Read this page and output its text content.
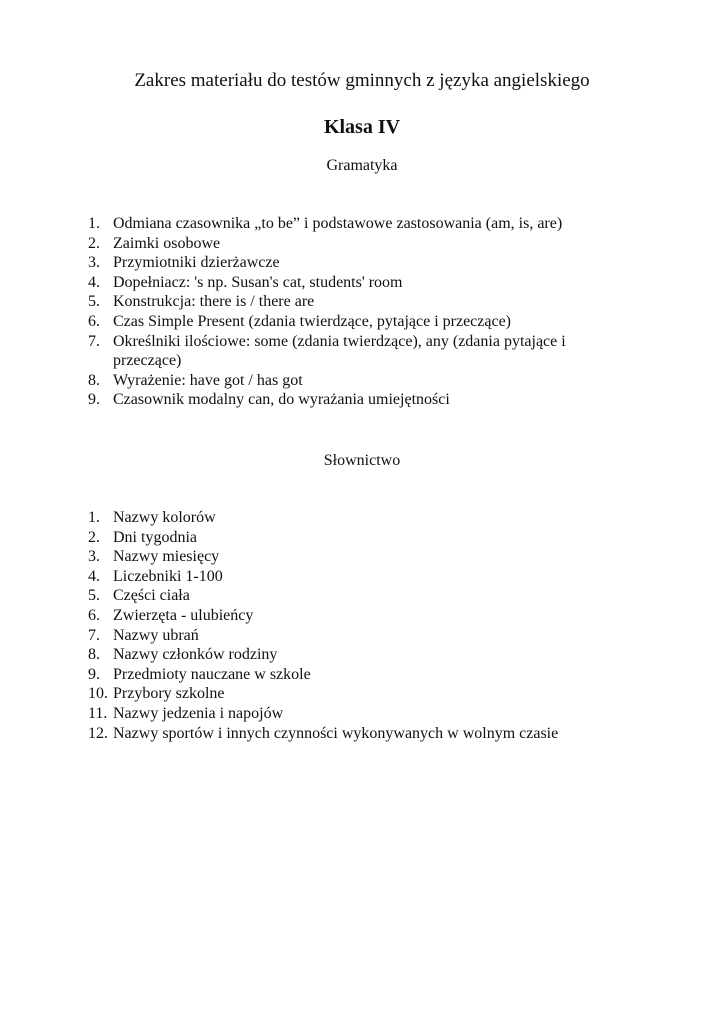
Zakres materiału do testów gminnych z języka angielskiego
Klasa IV
Gramatyka
1. Odmiana czasownika „to be” i podstawowe zastosowania (am, is, are)
2. Zaimki osobowe
3. Przymiotniki dzierżawcze
4. Dopełniacz: 's np. Susan's cat, students' room
5. Konstrukcja: there is / there are
6. Czas Simple Present (zdania twierdzące, pytające i przeczące)
7. Określniki ilościowe: some (zdania twierdzące), any (zdania pytające i przeczące)
8. Wyrażenie: have got / has got
9. Czasownik modalny can, do wyrażania umiejętności
Słownictwo
1. Nazwy kolorów
2. Dni tygodnia
3. Nazwy miesięcy
4. Liczebniki 1-100
5. Części ciała
6. Zwierzęta - ulubieńcy
7. Nazwy ubrań
8. Nazwy członków rodziny
9. Przedmioty nauczane w szkole
10. Przybory szkolne
11. Nazwy jedzenia i napojów
12. Nazwy sportów i innych czynności wykonywanych w wolnym czasie
